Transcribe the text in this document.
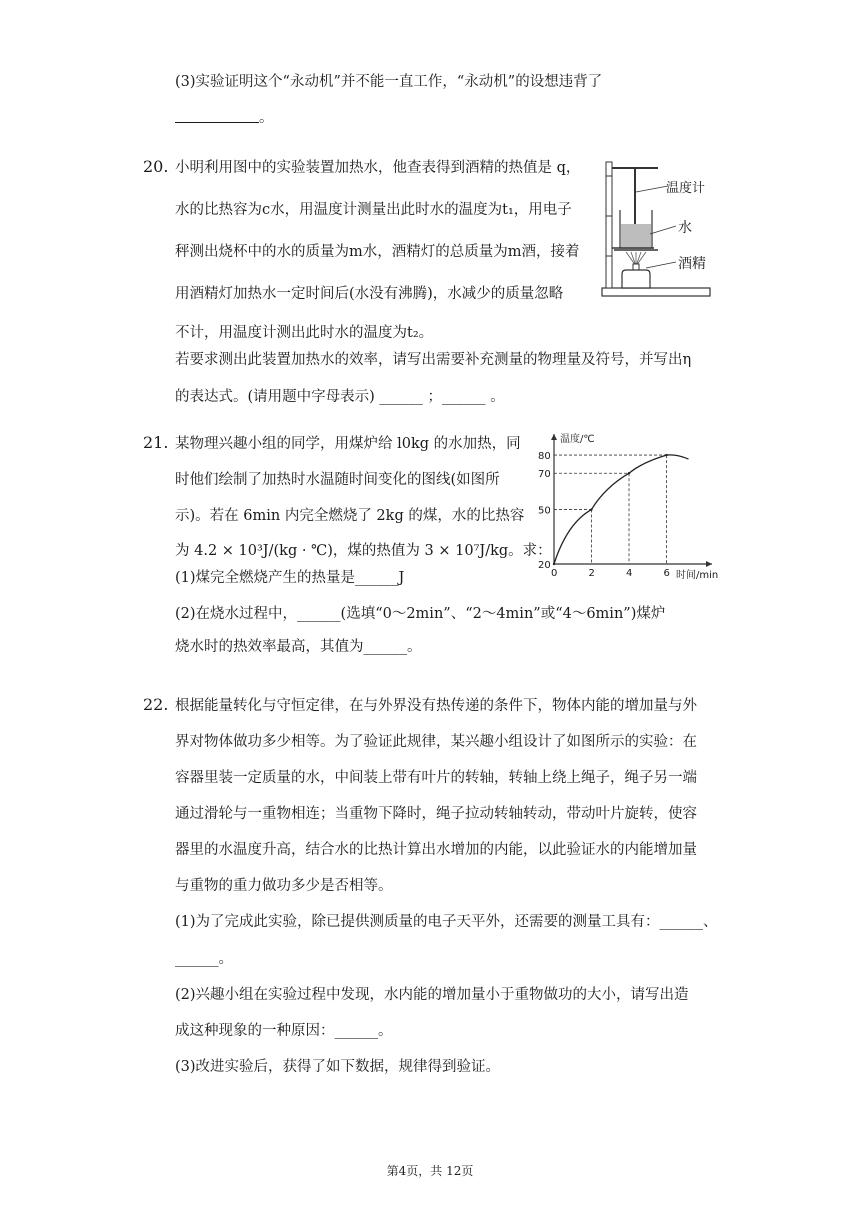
(3)实验证明这个“永动机”并不能一直工作，“永动机”的设想违背了
。
20. 小明利用图中的实验装置加热水，他查表得到酒精的热值是 q，
水的比热容为c水，用温度计测量出此时水的温度为t₁，用电子
秤测出烧杯中的水的质量为m水，酒精灯的总质量为m酒，接着
用酒精灯加热水一定时间后(水没有沸腾)，水减少的质量忽略
不计，用温度计测出此时水的温度为t₂。
若要求测出此装置加热水的效率，请写出需要补充测量的物理量及符号，并写出η
的表达式。(请用题中字母表示) ______ ；______ 。
温度计
水
酒精
21. 某物理兴趣小组的同学，用煤炉给 l0kg 的水加热，同
时他们绘制了加热时水温随时间变化的图线(如图所
示)。若在 6min 内完全燃烧了 2kg 的煤，水的比热容
为 4.2 × 10³J/(kg · ℃)，煤的热值为 3 × 10⁷J/kg。求：
(1)煤完全燃烧产生的热量是______J
(2)在烧水过程中，______(选填“0～2min”、“2～4min”或“4～6min”)煤炉
烧水时的热效率最高，其值为______。
温度/℃
时间/min
0
20
2
50
4
70
6
80
22. 根据能量转化与守恒定律，在与外界没有热传递的条件下，物体内能的增加量与外
界对物体做功多少相等。为了验证此规律，某兴趣小组设计了如图所示的实验：在
容器里装一定质量的水，中间装上带有叶片的转轴，转轴上绕上绳子，绳子另一端
通过滑轮与一重物相连；当重物下降时，绳子拉动转轴转动，带动叶片旋转，使容
器里的水温度升高，结合水的比热计算出水增加的内能，以此验证水的内能增加量
与重物的重力做功多少是否相等。
(1)为了完成此实验，除已提供测质量的电子天平外，还需要的测量工具有：______、
______。
(2)兴趣小组在实验过程中发现，水内能的增加量小于重物做功的大小，请写出造
成这种现象的一种原因：______。
(3)改进实验后，获得了如下数据，规律得到验证。
第4页，共 12页
